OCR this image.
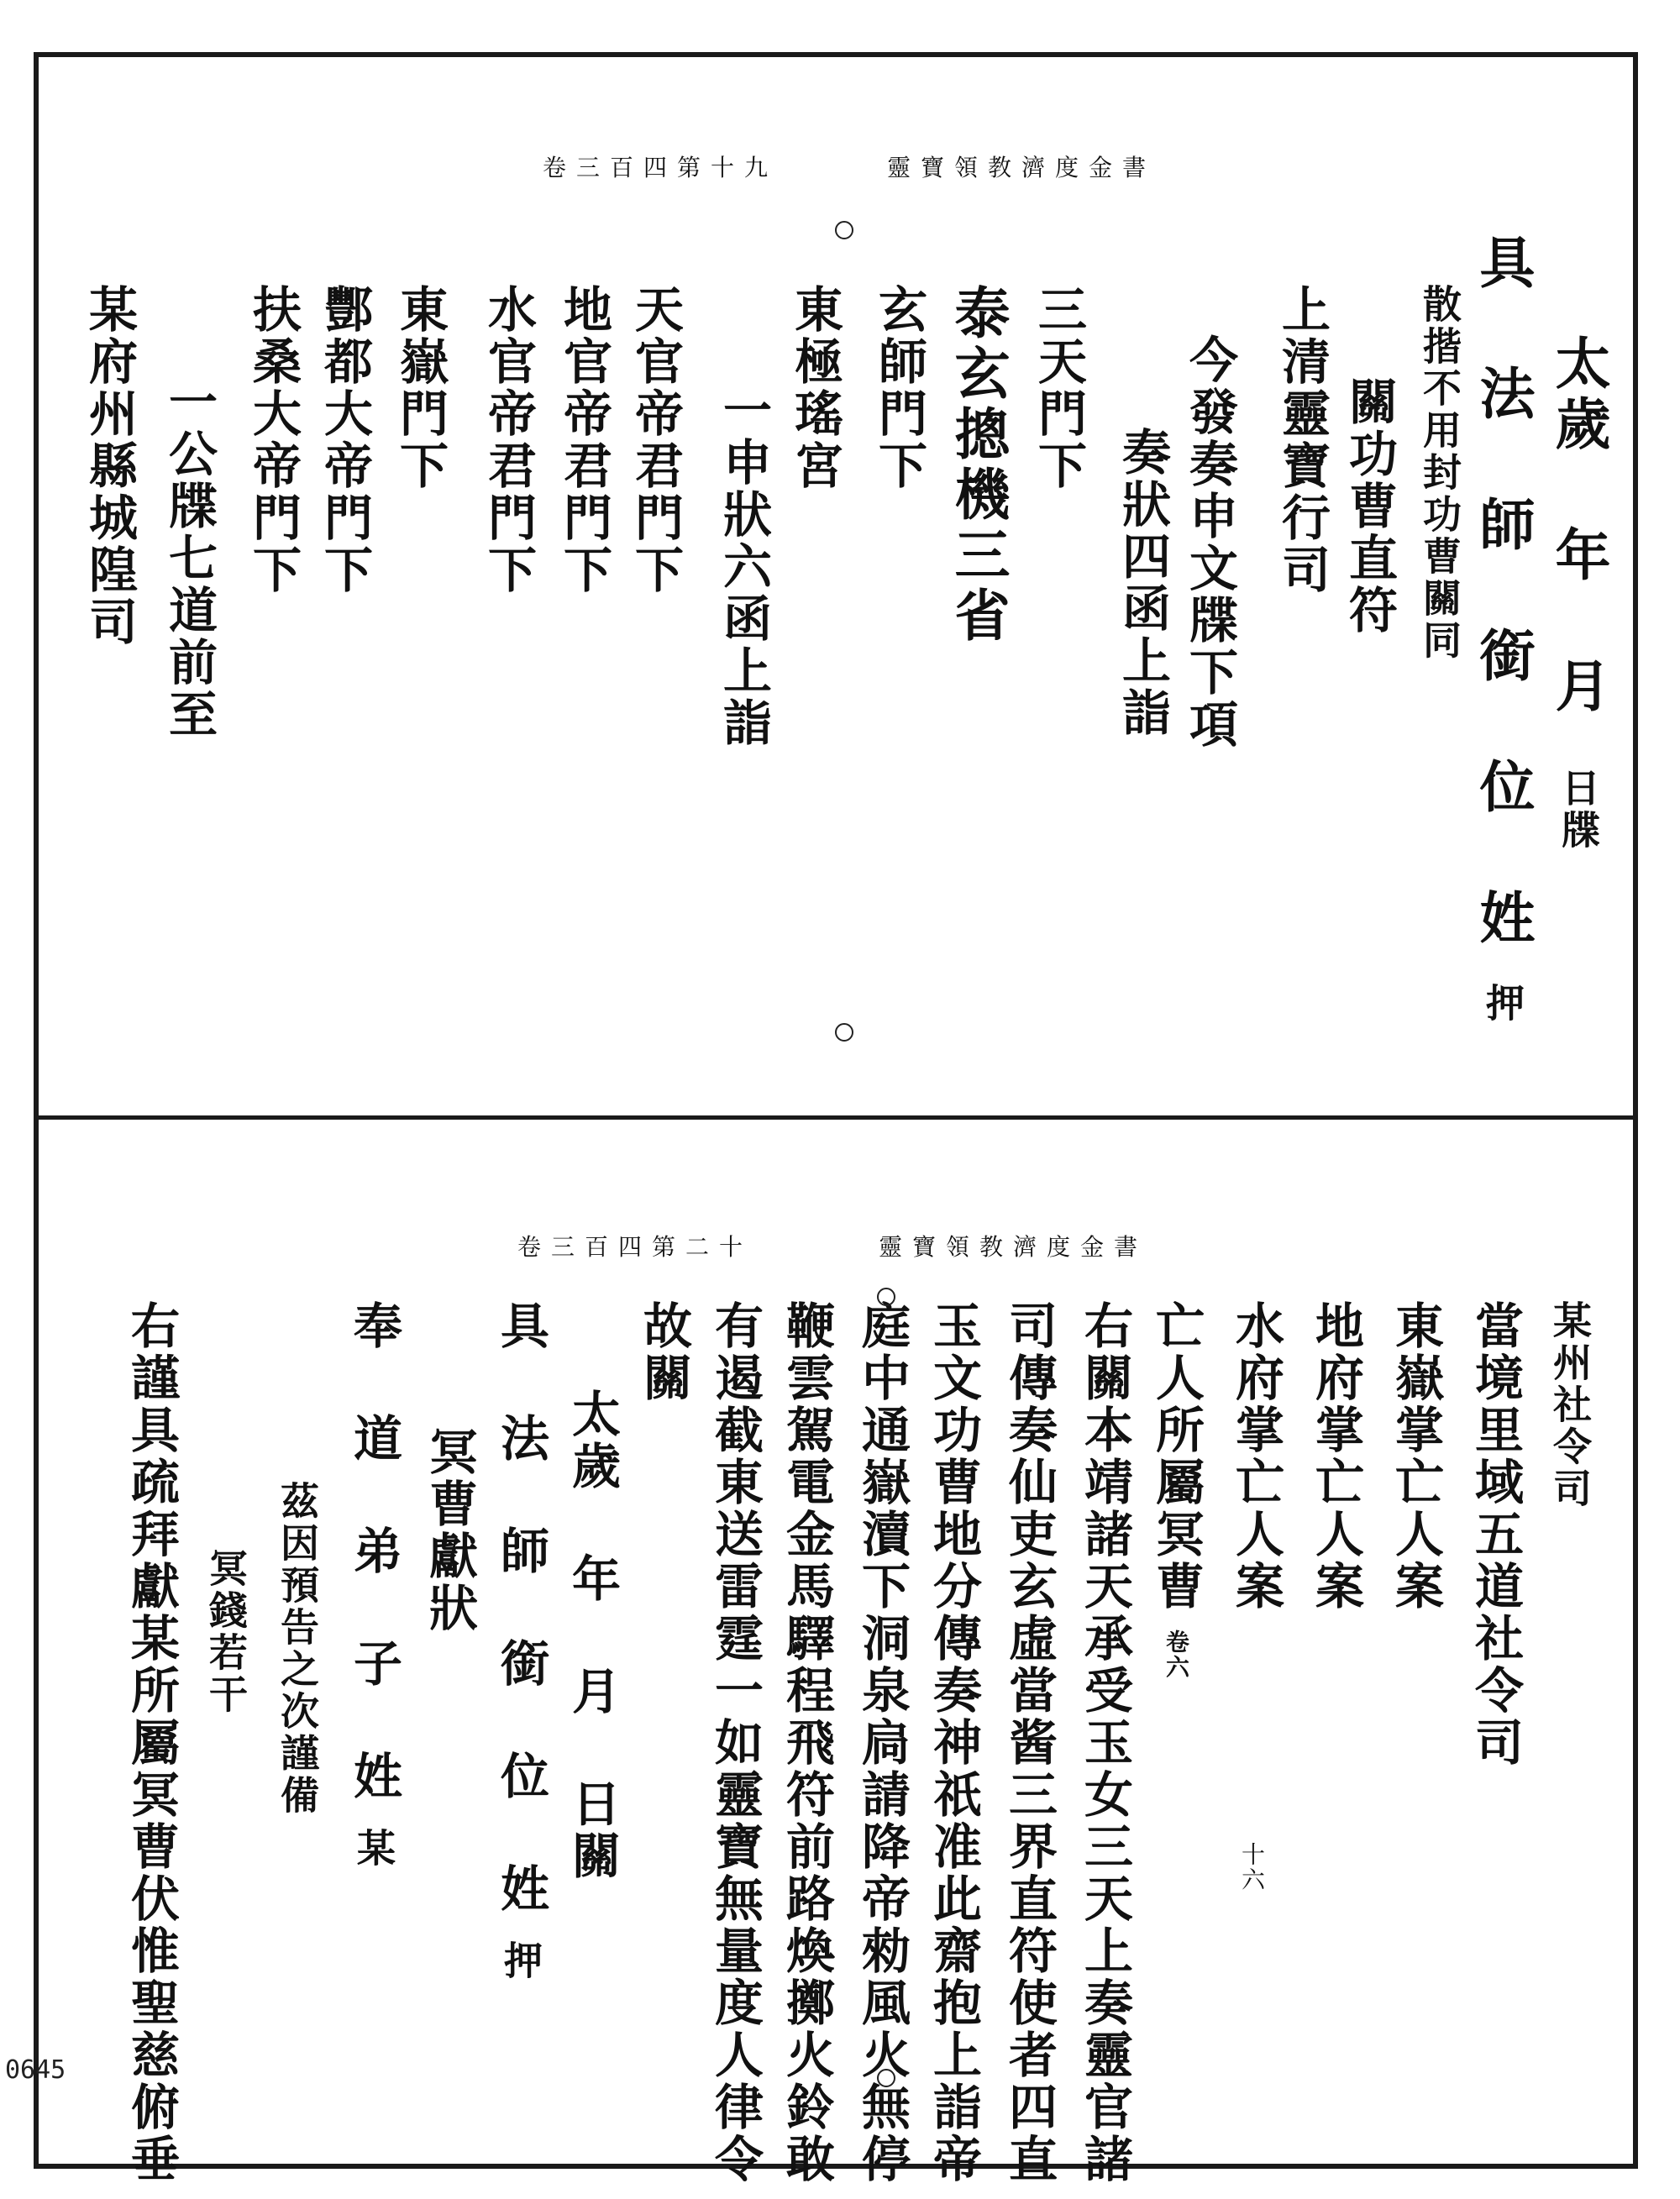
靈寶領教濟度金書
卷三百四第十九
太歲 年 月日牒
具 法 師 銜 位 姓押
散揩不用封功曹關同
關功曹直符
上清靈寶行司
今發奏申文牒下項
奏狀四函上詣
三天門下
泰玄摠機三省
玄師門下
東極瑤宮
一申狀六函上詣
天官帝君門下
地官帝君門下
水官帝君門下
東嶽門下
酆都大帝門下
扶桑大帝門下
一公牒七道前至
某府州縣城隍司
靈寶領教濟度金書
卷三百四第二十
某州社令司
當境里域五道社令司
東嶽掌亡人案
地府掌亡人案
水府掌亡人案
亡人所屬冥曹卷六
右關本靖諸天承受玉女三天上奏靈官諸
司傳奏仙吏玄虛當酱三界直符使者四直
玉文功曹地分傳奏神祇准此齋抱上詣帝
庭中通嶽瀆下洞泉扃請降帝勑風火無停
鞭雲駕電金馬驛程飛符前路煥擲火鈴敢
有遏截東送雷霆一如靈寶無量度人律令
故關
太歲 年 月 日關
具 法 師 銜 位 姓押
冥曹獻狀
奉 道 弟 子 姓某
茲因預告之次謹備
冥錢若干
右謹具疏拜獻某所屬冥曹伏惟聖慈俯垂	十六
0645
